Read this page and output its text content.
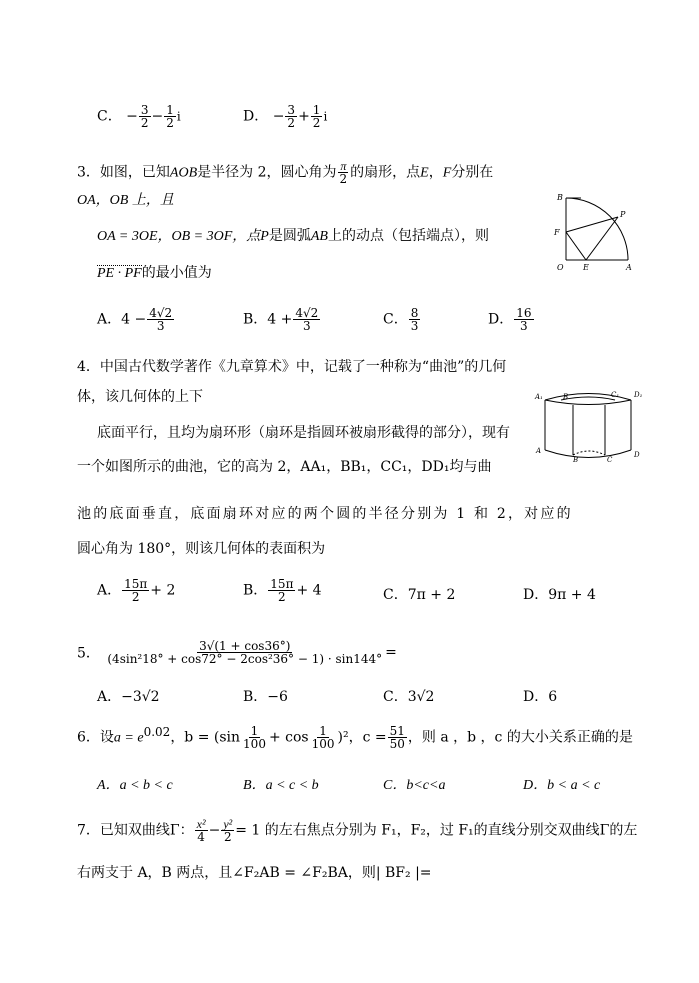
C． − $\frac{3}{2} - \frac{1}{2}$ i	D． − $\frac{3}{2} + \frac{1}{2}$ i
3．如图，已知AOB是半径为 2，圆心角为 $\frac{\pi}{2}$ 的扇形，点E，F分别在
OA，OB 上，且
OA = 3OE，OB = 3OF，点P是圆弧AB上的动点（包括端点），则
PE · PF的最小值为
B
P
F
O E	A
A．$4 - \frac{4√2}{3}$	B．$4 + \frac{4√2}{3}$	C． $\frac{8}{3}$	D． $\frac{16}{3}$
4．中国古代数学著作《九章算术》中，记载了一种称为“曲池”的几何
体，该几何体的上下
底面平行，且均为扇环形（扇环是指圆环被扇形截得的部分），现有
一个如图所示的曲池，它的高为 2，AA₁，BB₁，CC₁，DD₁均与曲
池的底面垂直，底面扇环对应的两个圆的半径分别为 1 和 2，对应的
圆心角为 180°，则该几何体的表面积为
A₁	B	C₁ D₁
A
B	C
D
A． $\frac{15\pi}{2} + 2$	B． $\frac{15\pi}{2} + 4$	C．7π + 2	D．9π + 4
5． $\frac{3√(1 + \cos 36^\circ)}{\text{(4sin²18° + cos72° − 2cos²36° − 1) · sin144°}}$ =
A．−3√2	B．−6	C．3√2	D．6
6．设$a = e^{0.02}$，$b = (\sin \frac{1}{100} + \cos \frac{1}{100} )^2$，$c = \frac{51}{50}$ ，则 a ，b ，c 的大小关系正确的是
A．a < b < c	B．a < c < b	C．b<c<a	D．b < a < c
7．已知双曲线Γ： $\frac{\text{x²}}{4} - \frac{\text{y²}}{2} = 1$ 的左右焦点分别为 F₁，F₂，过 F₁的直线分别交双曲线Γ的左
右两支于 A，B 两点，且∠F₂AB = ∠F₂BA，则| BF₂ |=
